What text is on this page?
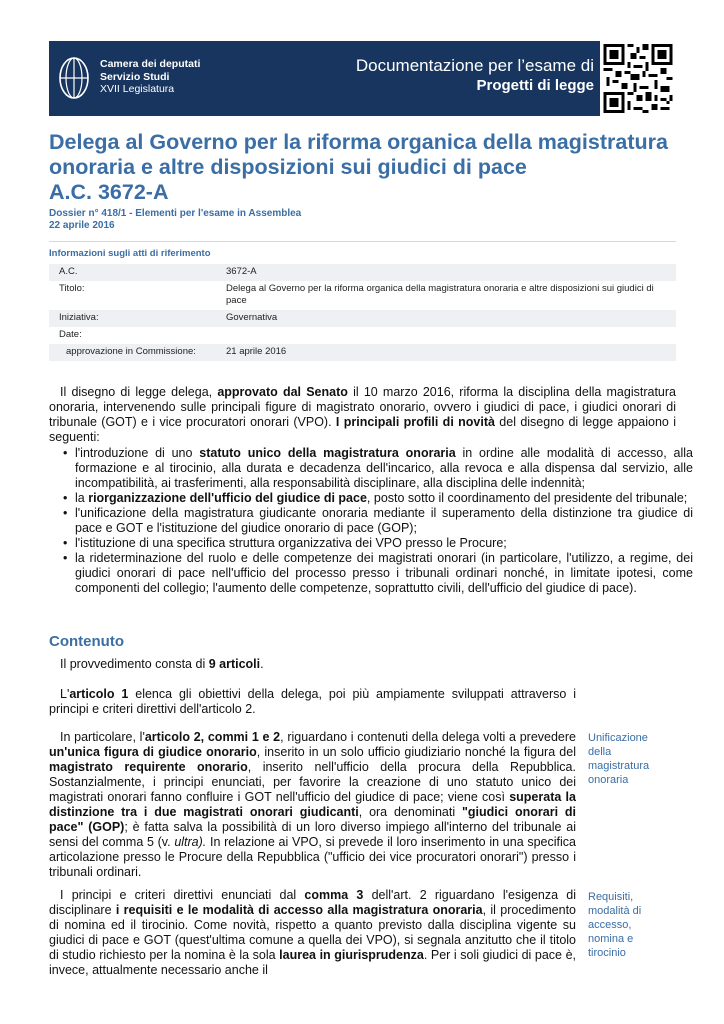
Camera dei deputati
Servizio Studi
XVII Legislatura
Documentazione per l’esame di
Progetti di legge
Delega al Governo per la riforma organica della magistratura
onoraria e altre disposizioni sui giudici di pace
A.C. 3672-A
Dossier n° 418/1 - Elementi per l'esame in Assemblea
22 aprile 2016
Informazioni sugli atti di riferimento
A.C.	3672-A
Titolo:	Delega al Governo per la riforma organica della magistratura onoraria e altre disposizioni sui giudici di pace
Iniziativa:	Governativa
Date:	
approvazione in Commissione:	21 aprile 2016

Il disegno di legge delega, approvato dal Senato il 10 marzo 2016, riforma la disciplina della magistratura onoraria, intervenendo sulle principali figure di magistrato onorario, ovvero i giudici di pace, i giudici onorari di tribunale (GOT) e i vice procuratori onorari (VPO). I principali profili di novità del disegno di legge appaiono i seguenti:

• l'introduzione di uno statuto unico della magistratura onoraria in ordine alle modalità di accesso, alla formazione e al tirocinio, alla durata e decadenza dell'incarico, alla revoca e alla dispensa dal servizio, alle incompatibilità, ai trasferimenti, alla responsabilità disciplinare, alla disciplina delle indennità;
• la riorganizzazione dell'ufficio del giudice di pace, posto sotto il coordinamento del presidente del tribunale;
• l'unificazione della magistratura giudicante onoraria mediante il superamento della distinzione tra giudice di pace e GOT e l'istituzione del giudice onorario di pace (GOP);
• l'istituzione di una specifica struttura organizzativa dei VPO presso le Procure;
• la rideterminazione del ruolo e delle competenze dei magistrati onorari (in particolare, l'utilizzo, a regime, dei giudici onorari di pace nell'ufficio del processo presso i tribunali ordinari nonché, in limitate ipotesi, come componenti del collegio; l'aumento delle competenze, soprattutto civili, dell'ufficio del giudice di pace).
Contenuto

Il provvedimento consta di 9 articoli.

L'articolo 1 elenca gli obiettivi della delega, poi più ampiamente sviluppati attraverso i principi e criteri direttivi dell'articolo 2.

In particolare, l'articolo 2, commi 1 e 2, riguardano i contenuti della delega volti a prevedere un'unica figura di giudice onorario, inserito in un solo ufficio giudiziario nonché la figura del magistrato requirente onorario, inserito nell'ufficio della procura della Repubblica. Sostanzialmente, i principi enunciati, per favorire la creazione di uno statuto unico dei magistrati onorari fanno confluire i GOT nell'ufficio del giudice di pace; viene così superata la distinzione tra i due magistrati onorari giudicanti, ora denominati "giudici onorari di pace" (GOP); è fatta salva la possibilità di un loro diverso impiego all'interno del tribunale ai sensi del comma 5 (v. ultra). In relazione ai VPO, si prevede il loro inserimento in una specifica articolazione presso le Procure della Repubblica ("ufficio dei vice procuratori onorari") presso i tribunali ordinari.

I principi e criteri direttivi enunciati dal comma 3 dell'art. 2 riguardano l'esigenza di disciplinare i requisiti e le modalità di accesso alla magistratura onoraria, il procedimento di nomina ed il tirocinio. Come novità, rispetto a quanto previsto dalla disciplina vigente su giudici di pace e GOT (quest'ultima comune a quella dei VPO), si segnala anzitutto che il titolo di studio richiesto per la nomina è la sola laurea in giurisprudenza. Per i soli giudici di pace è, invece, attualmente necessario anche il

Unificazione
della
magistratura
onoraria
Requisiti,
modalità di
accesso,
nomina e
tirocinio
